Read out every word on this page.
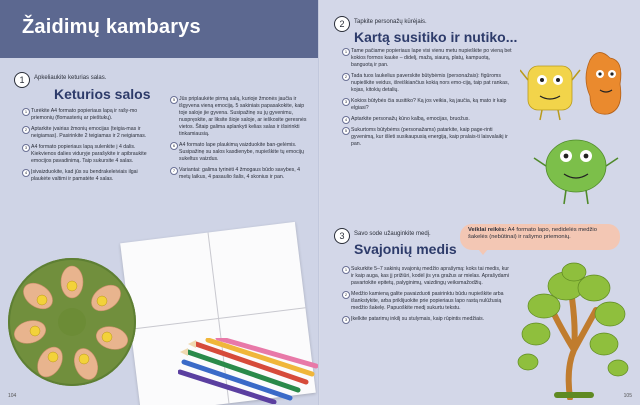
Žaidimų kambarys
1	Apkeliaukite keturias salas.
Keturios salos
1 Turėkite A4 formato popieriaus lapą ir rašy-mo priemonių (flomasterių ar pieštukų).
2 Aptarkite įvairias žmonių emocijas (teigia-mas ir neigiamas). Pasirinkite 2 teigiamas ir 2 neigiamas.
3 A4 formato popieriaus lapą sulenkite į 4 dalis. Kiekvienos dalies viduryje parašykite ir apibraukite emocijos pavadinimą. Taip sukursite 4 salas.
4 Įsivaizduokite, kad jūs su bendrakeleiviais ilgai plaukėte valtimi ir pamatėte 4 salas.
5 Jūs priplaukėte pirmą salą, kurioje žmonės jaučia ir išgyvena vieną emociją. 5 sakiniais papasakokite, kaip toje saloje jie gyvena. Susipažinę su jų gyvenimu, nuspręskite, ar liksite šioje saloje, ar ieškosite geresnės vietos. Šitaip galima aplankyti kelias salas ir išsirinkti tinkamiausią.
6 A4 formato lape plaukimą vaizduokite ban-gelėmis. Susipažinę su salos kasdienybe, nupieškite tų emocijų sukeltus vaizdus.
7 Variantai: galima tyrinėti 4 žmogaus būdo savybes, 4 metų laikus, 4 pasaulio šalis, 4 skonius ir pan.
104
2	Tapkite personažų kūrėjais.
Kartą susitiko ir nutiko...
1 Tame pačiame popieriaus lape visi vienu metu nupieškite po vieną bet kokios formos kauke – didelį, mažą, siaurą, platų, kampuotą, banguotą ir pan.
2 Tada tuos laukelius paverskite būtybėmis (personažais): figūroms nupieškite veidus, išreiškiančius kokią nors emo-ciją, taip pat rankas, kojas, kitokių detalių.
3 Kokios būtybės čia susitiko? Ką jos veikia, ką jaučia, ką mato ir kaip elgiasi?
4 Aptarkite personažų kūno kalbą, emocijas, bruožus.
5 Sukurtoms būtybėms (personažams) patarkite, kaip page-rinti gyvenimą, kur išleti susikaupusią energiją, kaip pralais-ti laisvalaikį ir pan.
3	Savo sode užauginkite medį.
Svajonių medis
1 Sukurkite 5–7 sakinių svajonių medžio aprašymą: koks tai medis, kur ir kaip auga, kas jį prižiūri, kodėl jis yra gražus ar mielas. Aprašydami pavartokite epitetų, palyginimų, vaizdingų veiksmažodžių.
2 Medžio kamieną galite pavaizduoti pasirinktu būdu nupieškite arba išankstykite, arba priklijuokite prie popieriaus lapo rastą nulūžusią medžio šakelę. Papuoškite medį sukurtu tekstu.
3 Įkelkite patarimų inkilį su stulymais, kaip rūpintis medžiais.
105
Veiklai reikės: A4 formato lapo, nedidelės medžio šakelės (nebūtinai) ir rašymo priemonių.
